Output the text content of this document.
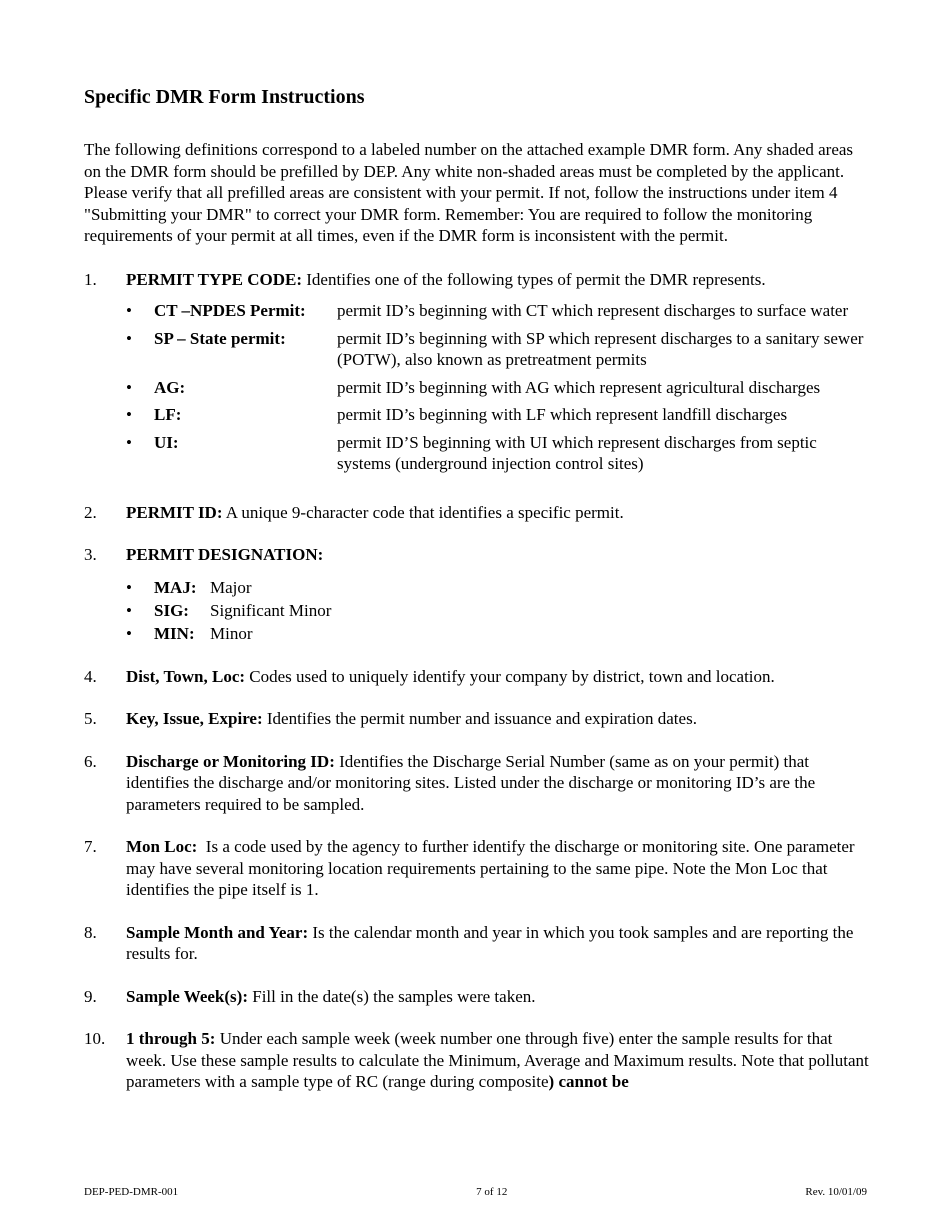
Specific DMR Form Instructions

The following definitions correspond to a labeled number on the attached example DMR form. Any shaded areas on the DMR form should be prefilled by DEP. Any white non-shaded areas must be completed by the applicant. Please verify that all prefilled areas are consistent with your permit. If not, follow the instructions under item 4 "Submitting your DMR" to correct your DMR form. Remember: You are required to follow the monitoring requirements of your permit at all times, even if the DMR form is inconsistent with the permit.

1.	PERMIT TYPE CODE: Identifies one of the following types of permit the DMR represents.
•	CT –NPDES Permit:	permit ID’s beginning with CT which represent discharges to surface water
•	SP – State permit:	permit ID’s beginning with SP which represent discharges to a sanitary sewer (POTW), also known as pretreatment permits
•	AG:	permit ID’s beginning with AG which represent agricultural discharges
•	LF:	permit ID’s beginning with LF which represent landfill discharges
•	UI:	permit ID’S beginning with UI which represent discharges from septic systems (underground injection control sites)
2.	PERMIT ID: A unique 9-character code that identifies a specific permit.
3.	PERMIT DESIGNATION:
•	MAJ: Major
•	SIG:	Significant Minor
•	MIN: Minor
4.	Dist, Town, Loc: Codes used to uniquely identify your company by district, town and location.
5.	Key, Issue, Expire: Identifies the permit number and issuance and expiration dates.
6.	Discharge or Monitoring ID: Identifies the Discharge Serial Number (same as on your permit) that identifies the discharge and/or monitoring sites. Listed under the discharge or monitoring ID’s are the parameters required to be sampled.
7.	Mon Loc:  Is a code used by the agency to further identify the discharge or monitoring site. One parameter may have several monitoring location requirements pertaining to the same pipe. Note the Mon Loc that identifies the pipe itself is 1.
8.	Sample Month and Year: Is the calendar month and year in which you took samples and are reporting the results for.
9.	Sample Week(s): Fill in the date(s) the samples were taken.
10.	1 through 5: Under each sample week (week number one through five) enter the sample results for that week. Use these sample results to calculate the Minimum, Average and Maximum results. Note that pollutant parameters with a sample type of RC (range during composite) cannot be
DEP-PED-DMR-001	7 of 12	Rev. 10/01/09
